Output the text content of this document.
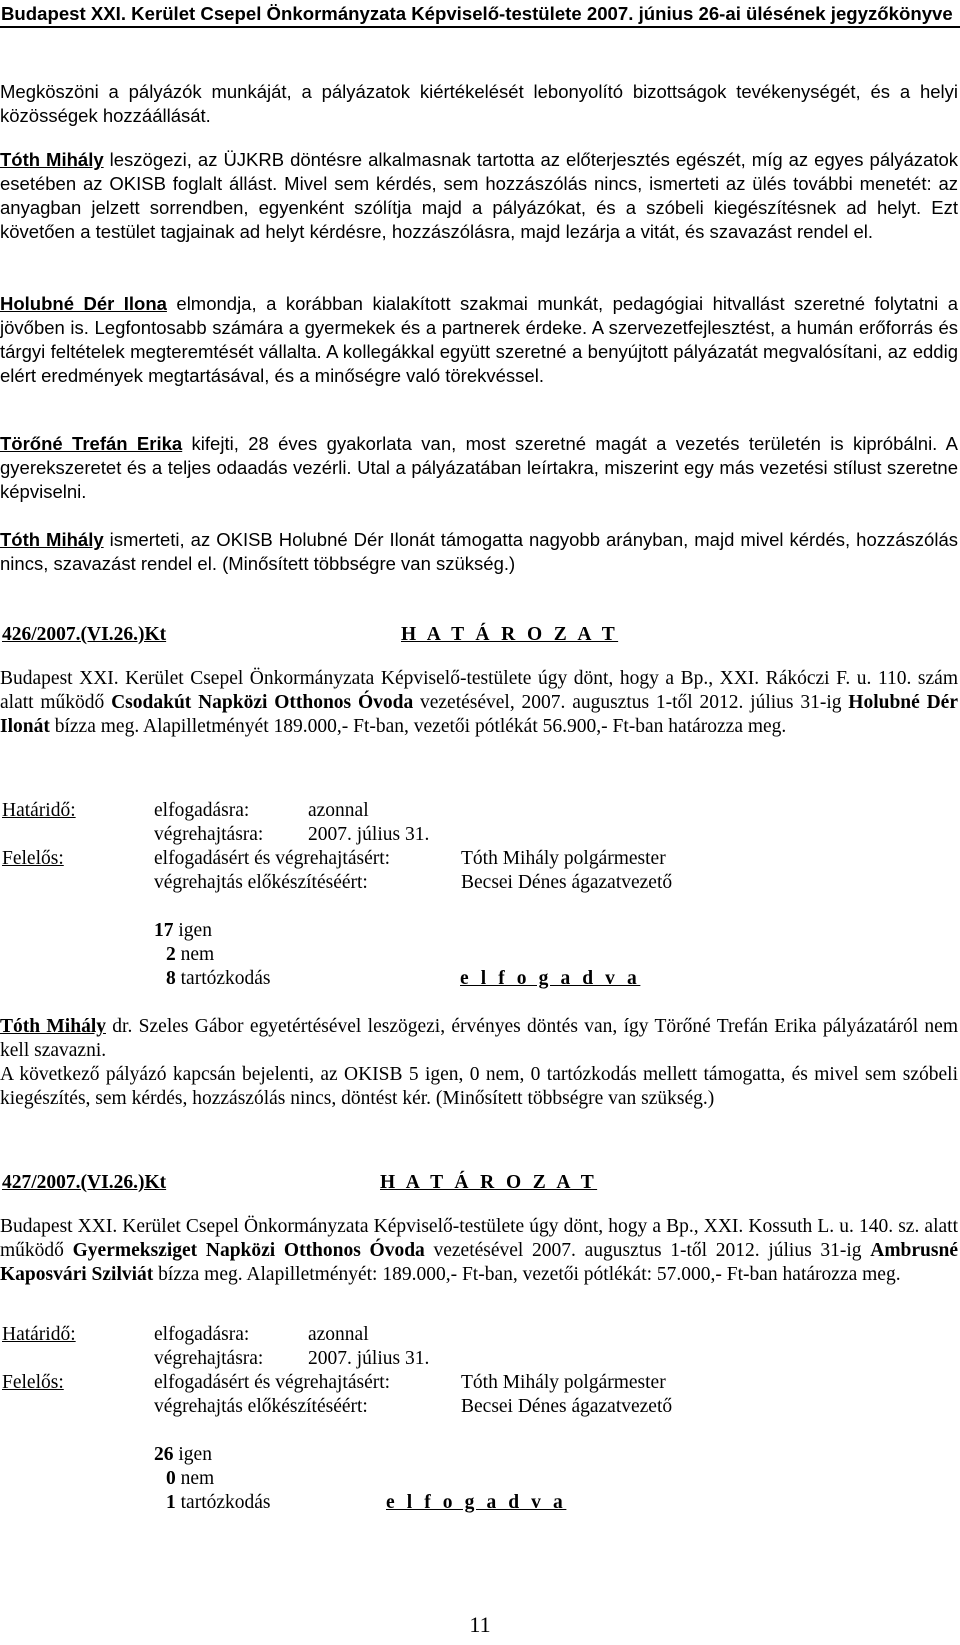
Budapest XXI. Kerület Csepel Önkormányzata Képviselő-testülete 2007. június 26-ai ülésének jegyzőkönyve

Megköszöni a pályázók munkáját, a pályázatok kiértékelését lebonyolító bizottságok tevékenységét, és a helyi közösségek hozzáállását.

Tóth Mihály leszögezi, az ÜJKRB döntésre alkalmasnak tartotta az előterjesztés egészét, míg az egyes pályázatok esetében az OKISB foglalt állást. Mivel sem kérdés, sem hozzászólás nincs, ismerteti az ülés további menetét: az anyagban jelzett sorrendben, egyenként szólítja majd a pályázókat, és a szóbeli kiegészítésnek ad helyt. Ezt követően a testület tagjainak ad helyt kérdésre, hozzászólásra, majd lezárja a vitát, és szavazást rendel el.

Holubné Dér Ilona elmondja, a korábban kialakított szakmai munkát, pedagógiai hitvallást szeretné folytatni a jövőben is. Legfontosabb számára a gyermekek és a partnerek érdeke. A szervezetfejlesztést, a humán erőforrás és tárgyi feltételek megteremtését vállalta. A kollegákkal együtt szeretné a benyújtott pályázatát megvalósítani, az eddig elért eredmények megtartásával, és a minőségre való törekvéssel.

Törőné Trefán Erika kifejti, 28 éves gyakorlata van, most szeretné magát a vezetés területén is kipróbálni. A gyerekszeretet és a teljes odaadás vezérli. Utal a pályázatában leírtakra, miszerint egy más vezetési stílust szeretne képviselni.

Tóth Mihály ismerteti, az OKISB Holubné Dér Ilonát támogatta nagyobb arányban, majd mivel kérdés, hozzászólás nincs, szavazást rendel el. (Minősített többségre van szükség.)

426/2007.(VI.26.)Kt	H A T Á R O Z A T

Budapest XXI. Kerület Csepel Önkormányzata Képviselő-testülete úgy dönt, hogy a Bp., XXI. Rákóczi F. u. 110. szám alatt működő Csodakút Napközi Otthonos Óvoda vezetésével, 2007. augusztus 1-től 2012. július 31-ig Holubné Dér Ilonát bízza meg. Alapilletményét 189.000,- Ft-ban, vezetői pótlékát 56.900,- Ft-ban határozza meg.

Határidő:	elfogadásra:	azonnal
végrehajtásra: 2007. július 31.
Felelős:	elfogadásért és végrehajtásért:	Tóth Mihály polgármester
végrehajtás előkészítéséért:	Becsei Dénes ágazatvezető
17 igen
2 nem
8 tartózkodás	e l f o g a d v a

Tóth Mihály dr. Szeles Gábor egyetértésével leszögezi, érvényes döntés van, így Törőné Trefán Erika pályázatáról nem kell szavazni.

A következő pályázó kapcsán bejelenti, az OKISB 5 igen, 0 nem, 0 tartózkodás mellett támogatta, és mivel sem szóbeli kiegészítés, sem kérdés, hozzászólás nincs, döntést kér. (Minősített többségre van szükség.)

427/2007.(VI.26.)Kt	H A T Á R O Z A T

Budapest XXI. Kerület Csepel Önkormányzata Képviselő-testülete úgy dönt, hogy a Bp., XXI. Kossuth L. u. 140. sz. alatt működő Gyermeksziget Napközi Otthonos Óvoda vezetésével 2007. augusztus 1-től 2012. július 31-ig Ambrusné Kaposvári Szilviát bízza meg. Alapilletményét: 189.000,- Ft-ban, vezetői pótlékát: 57.000,- Ft-ban határozza meg.

Határidő:	elfogadásra:	azonnal
végrehajtásra: 2007. július 31.
Felelős:	elfogadásért és végrehajtásért:	Tóth Mihály polgármester
végrehajtás előkészítéséért:	Becsei Dénes ágazatvezető
26 igen
0 nem
1 tartózkodás	e l f o g a d v a
11
